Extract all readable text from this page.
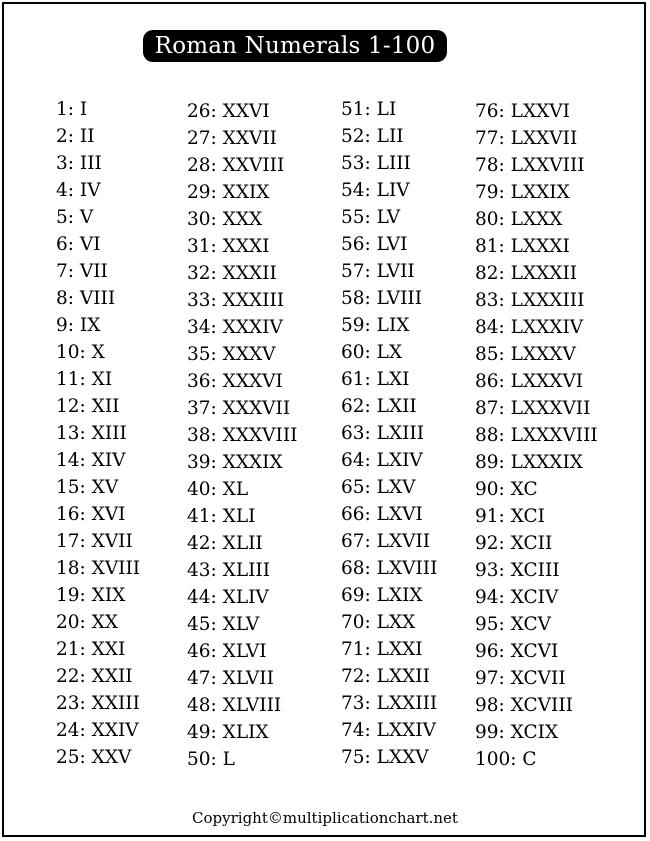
Roman Numerals 1-100
1: I
2: II
3: III
4: IV
5: V
6: VI
7: VII
8: VIII
9: IX
10: X
11: XI
12: XII
13: XIII
14: XIV
15: XV
16: XVI
17: XVII
18: XVIII
19: XIX
20: XX
21: XXI
22: XXII
23: XXIII
24: XXIV
25: XXV
26: XXVI
27: XXVII
28: XXVIII
29: XXIX
30: XXX
31: XXXI
32: XXXII
33: XXXIII
34: XXXIV
35: XXXV
36: XXXVI
37: XXXVII
38: XXXVIII
39: XXXIX
40: XL
41: XLI
42: XLII
43: XLIII
44: XLIV
45: XLV
46: XLVI
47: XLVII
48: XLVIII
49: XLIX
50: L
51: LI
52: LII
53: LIII
54: LIV
55: LV
56: LVI
57: LVII
58: LVIII
59: LIX
60: LX
61: LXI
62: LXII
63: LXIII
64: LXIV
65: LXV
66: LXVI
67: LXVII
68: LXVIII
69: LXIX
70: LXX
71: LXXI
72: LXXII
73: LXXIII
74: LXXIV
75: LXXV
76: LXXVI
77: LXXVII
78: LXXVIII
79: LXXIX
80: LXXX
81: LXXXI
82: LXXXII
83: LXXXIII
84: LXXXIV
85: LXXXV
86: LXXXVI
87: LXXXVII
88: LXXXVIII
89: LXXXIX
90: XC
91: XCI
92: XCII
93: XCIII
94: XCIV
95: XCV
96: XCVI
97: XCVII
98: XCVIII
99: XCIX
100: C
Copyright©multiplicationchart.net
